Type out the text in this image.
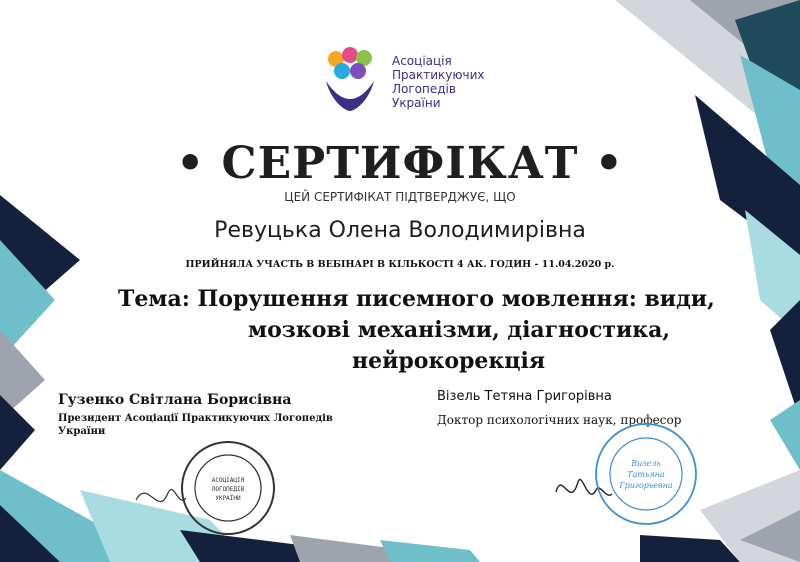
Асоціація
Практикуючих
Логопедів
України
• СЕРТИФІКАТ •
ЦЕЙ СЕРТИФІКАТ ПІДТВЕРДЖУЄ, ЩО
Ревуцька Олена Володимирівна
ПРИЙНЯЛА УЧАСТЬ В ВЕБІНАРІ В КІЛЬКОСТІ 4 АК. ГОДИН - 11.04.2020 р.
Тема: Порушення писемного мовлення: види,
мозкові механізми, діагностика,
нейрокорекція
Гузенко Світлана Борисівна
Президент Асоціації Практикуючих Логопедів України
Візель Тетяна Григорівна
Доктор психологічних наук, професор
АСОЦІАЦІЯ
ЛОГОПЕДІВ
УКРАЇНИ
Визель
Татьяна
Григорьевна
